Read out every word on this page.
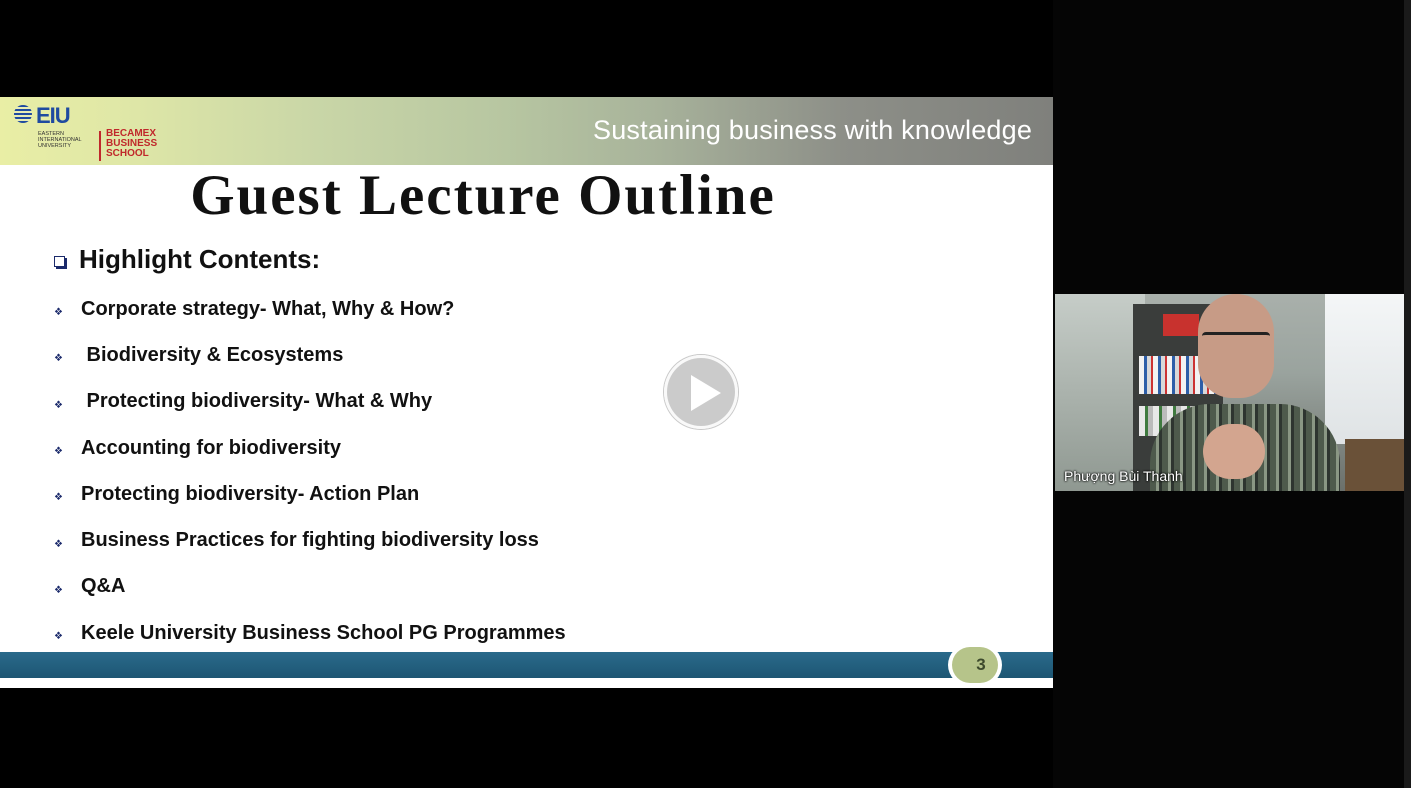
EIU
EASTERN INTERNATIONAL UNIVERSITY
BECAMEX BUSINESS SCHOOL
Sustaining business with knowledge
Guest Lecture Outline
Highlight Contents:
❖ Corporate strategy- What, Why & How?
❖ Biodiversity & Ecosystems
❖ Protecting biodiversity- What & Why
❖ Accounting for biodiversity
❖ Protecting biodiversity- Action Plan
❖ Business Practices for fighting biodiversity loss
❖ Q&A
❖ Keele University Business School PG Programmes
3
Phượng Bùi Thanh
